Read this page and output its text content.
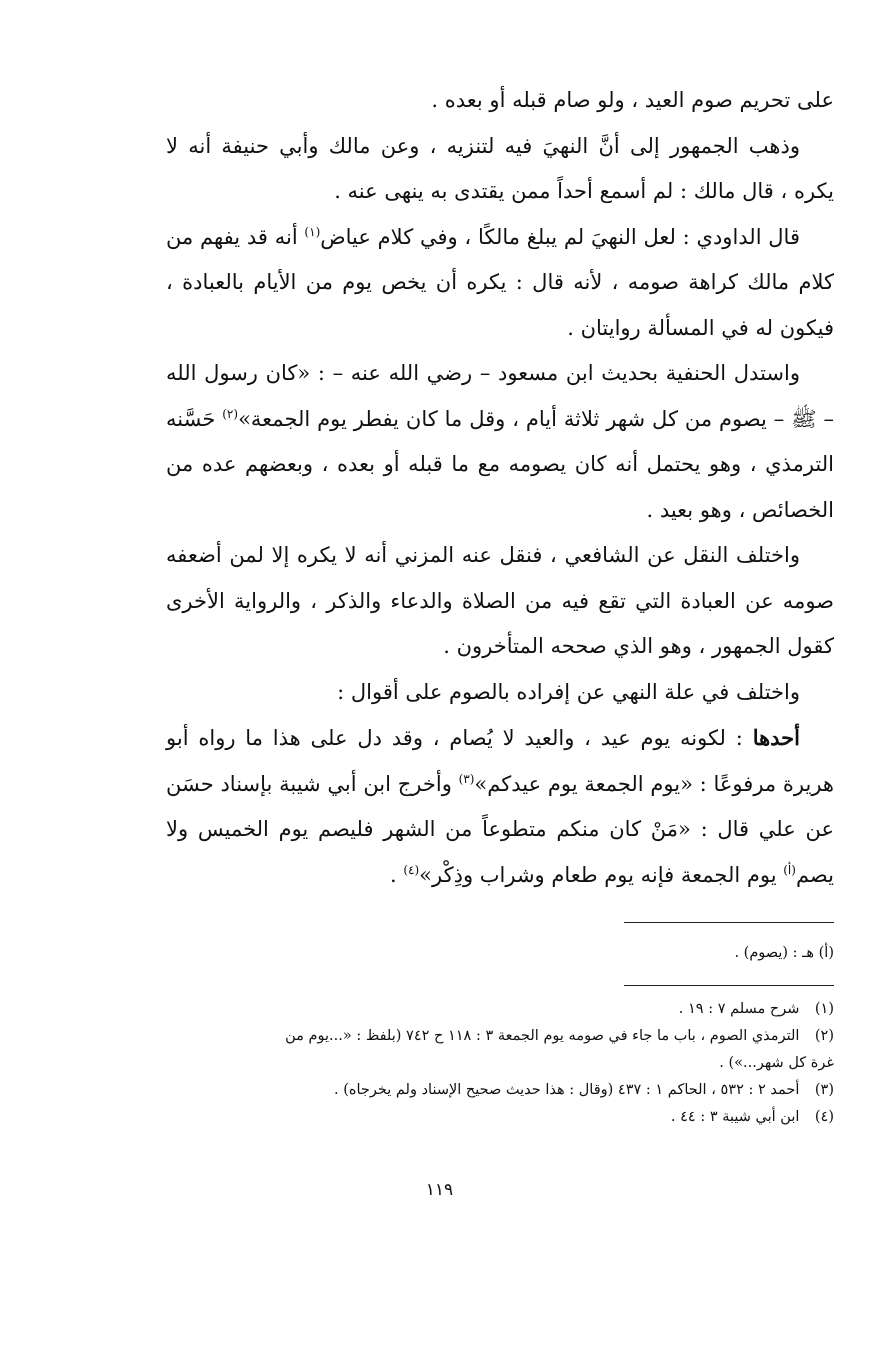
على تحريم صوم العيد ، ولو صام قبله أو بعده .

وذهب الجمهور إلى أنَّ النهيَ فيه لتنزيه ، وعن مالك وأبي حنيفة أنه لا يكره ، قال مالك : لم أسمع أحداً ممن يقتدى به ينهى عنه .

قال الداودي : لعل النهيَ لم يبلغ مالكًا ، وفي كلام عياض$^{(١)}$ أنه قد يفهم من كلام مالك كراهة صومه ، لأنه قال : يكره أن يخص يوم من الأيام بالعبادة ، فيكون له في المسألة روايتان .

واستدل الحنفية بحديث ابن مسعود – رضي الله عنه – : «كان رسول الله – ﷺ – يصوم من كل شهر ثلاثة أيام ، وقل ما كان يفطر يوم الجمعة»$^{(٢)}$ حَسَّنه الترمذي ، وهو يحتمل أنه كان يصومه مع ما قبله أو بعده ، وبعضهم عده من الخصائص ، وهو بعيد .

واختلف النقل عن الشافعي ، فنقل عنه المزني أنه لا يكره إلا لمن أضعفه صومه عن العبادة التي تقع فيه من الصلاة والدعاء والذكر ، والرواية الأخرى كقول الجمهور ، وهو الذي صححه المتأخرون .

واختلف في علة النهي عن إفراده بالصوم على أقوال :

أحدها : لكونه يوم عيد ، والعيد لا يُصام ، وقد دل على هذا ما رواه أبو هريرة مرفوعًا : «يوم الجمعة يوم عيدكم»$^{(٣)}$ وأخرج ابن أبي شيبة بإسناد حسَن عن علي قال : «مَنْ كان منكم متطوعاً من الشهر فليصم يوم الخميس ولا يصم$^{(أ)}$ يوم الجمعة فإنه يوم طعام وشراب وذِكْر»$^{(٤)}$ .

(أ) هـ : (يصوم) .

(١) شرح مسلم ٧ : ١٩ .

(٢) الترمذي الصوم ، باب ما جاء في صومه يوم الجمعة ٣ : ١١٨ ح ٧٤٢ (بلفظ : «...يوم من

غرة كل شهر...») .

(٣) أحمد ٢ : ٥٣٢ ، الحاكم ١ : ٤٣٧ (وقال : هذا حديث صحيح الإسناد ولم يخرجاه) .

(٤) ابن أبي شيبة ٣ : ٤٤ .

١١٩
